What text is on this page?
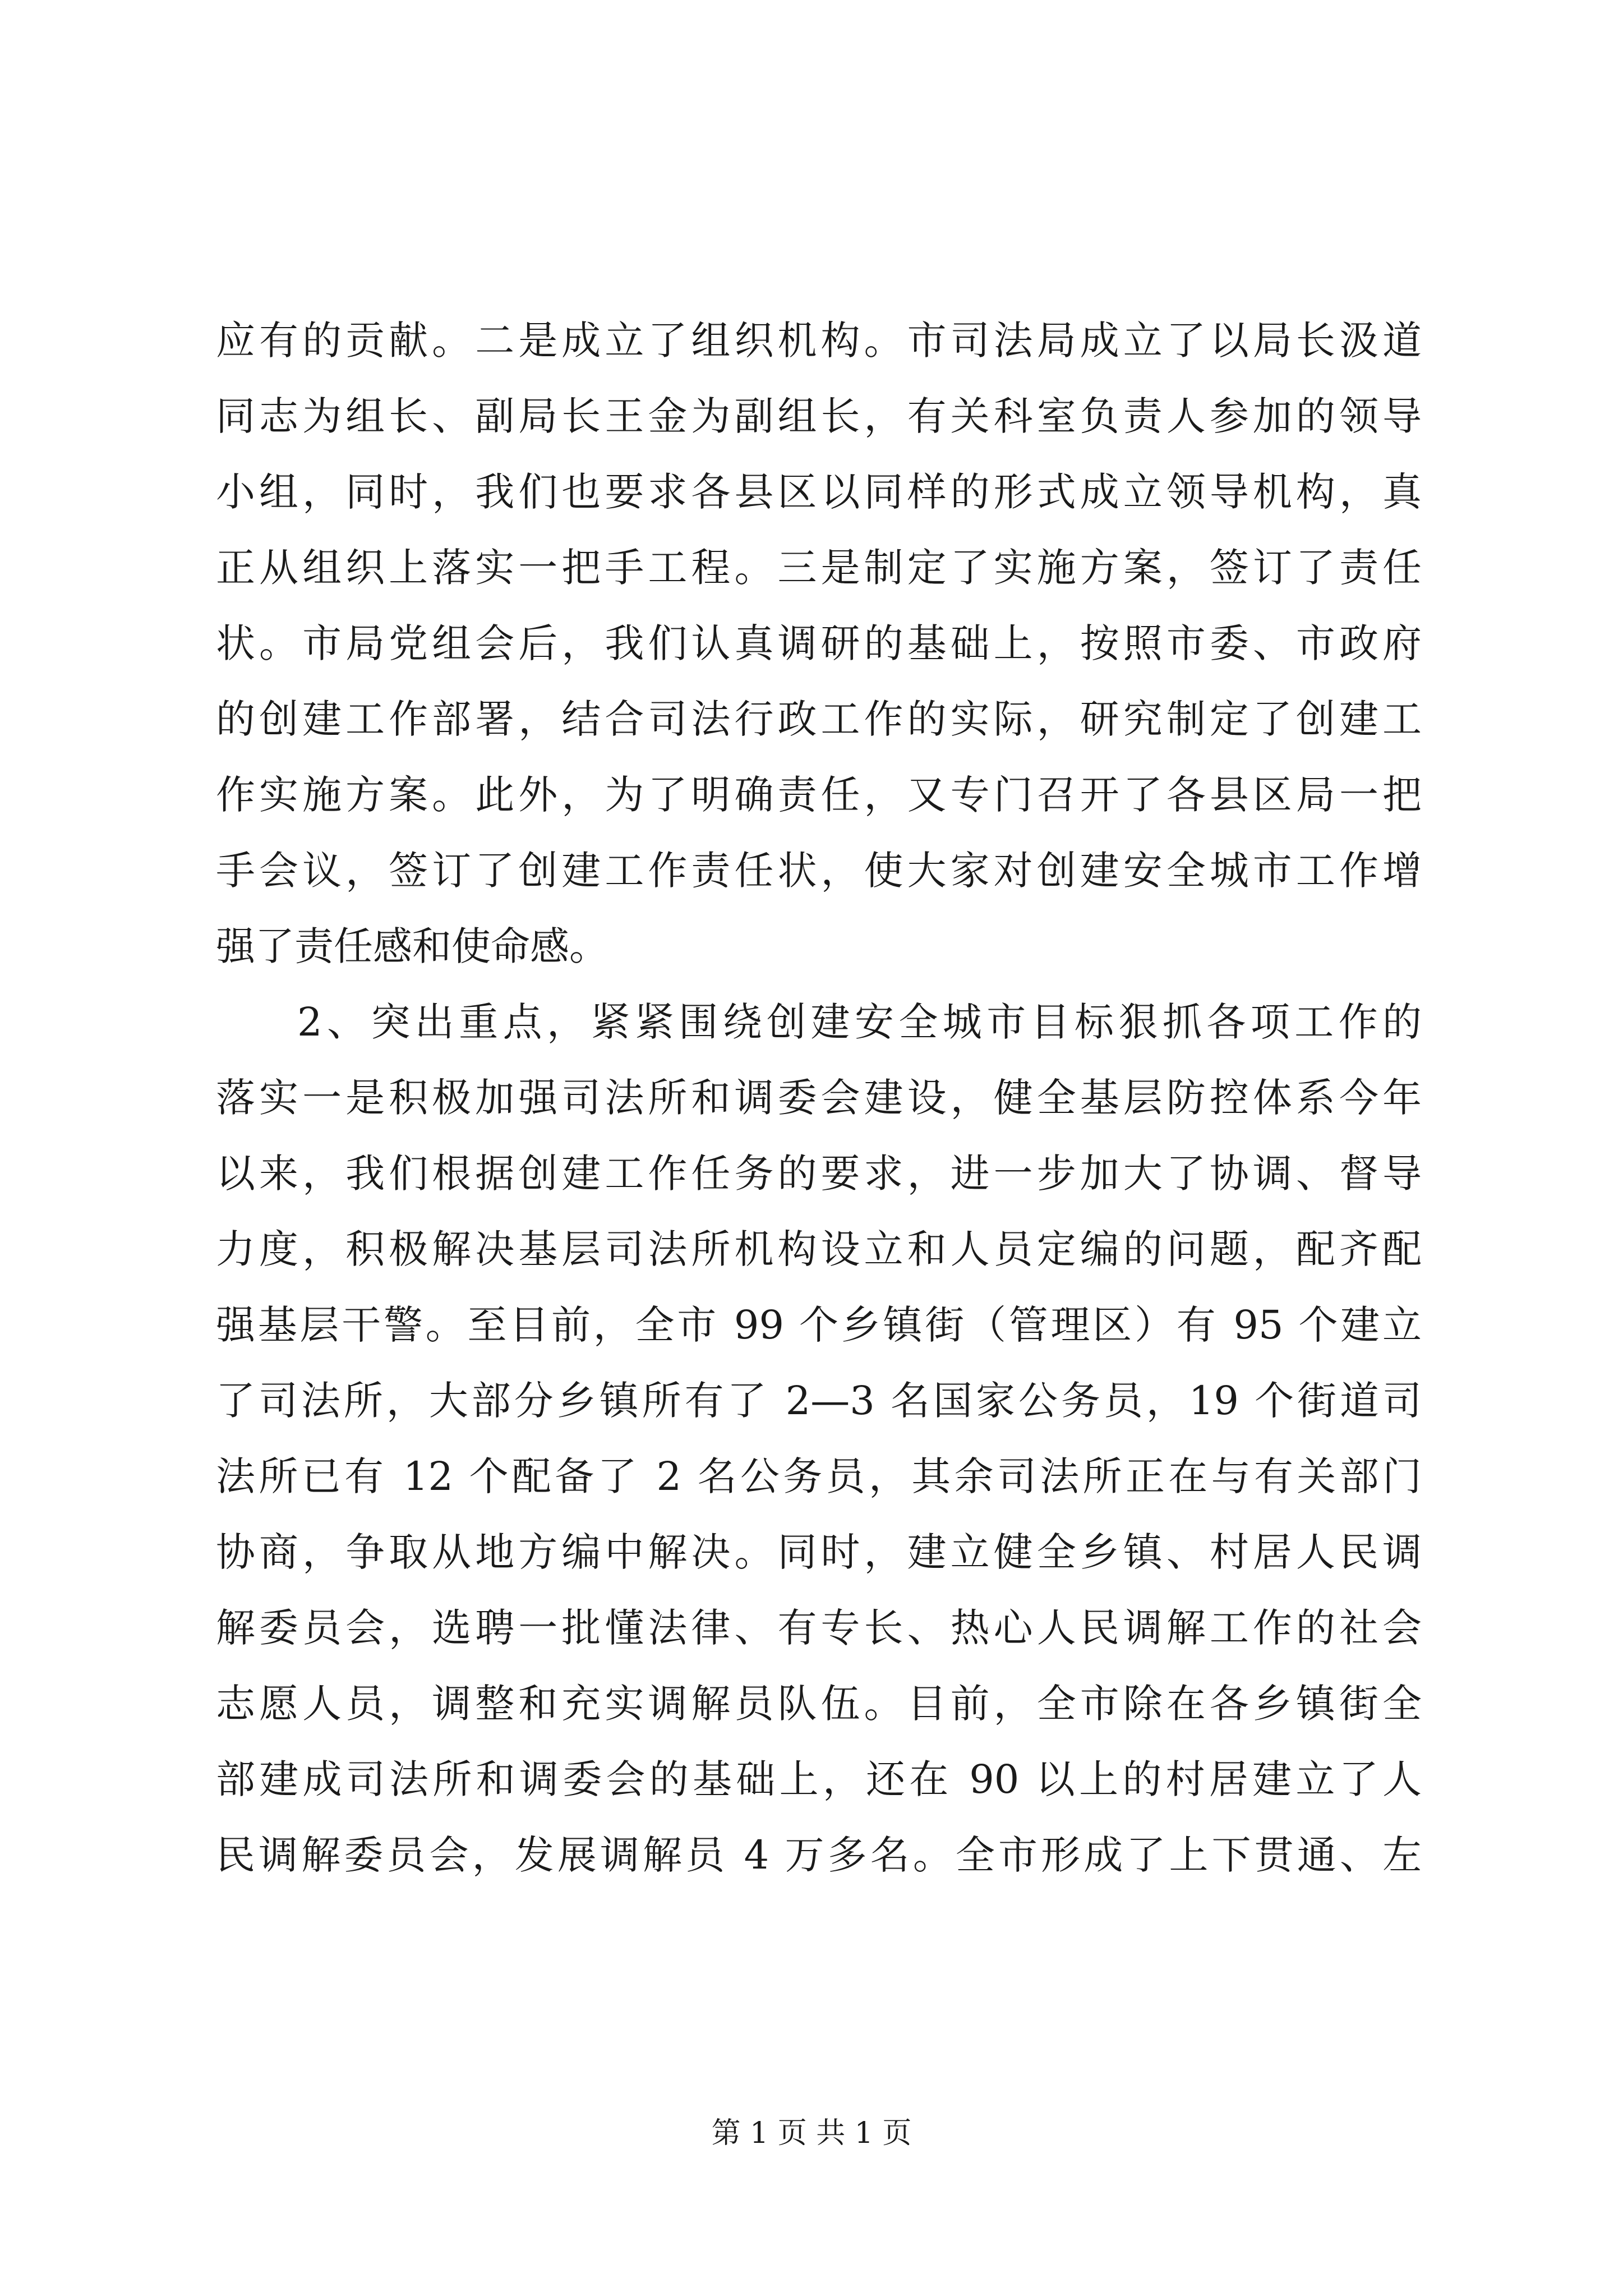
应有的贡献。二是成立了组织机构。市司法局成立了以局长汲道
同志为组长、副局长王金为副组长，有关科室负责人参加的领导
小组，同时，我们也要求各县区以同样的形式成立领导机构，真
正从组织上落实一把手工程。三是制定了实施方案，签订了责任
状。市局党组会后，我们认真调研的基础上，按照市委、市政府
的创建工作部署，结合司法行政工作的实际，研究制定了创建工
作实施方案。此外，为了明确责任，又专门召开了各县区局一把
手会议，签订了创建工作责任状，使大家对创建安全城市工作增
强了责任感和使命感。
2、突出重点，紧紧围绕创建安全城市目标狠抓各项工作的
落实一是积极加强司法所和调委会建设，健全基层防控体系今年
以来，我们根据创建工作任务的要求，进一步加大了协调、督导
力度，积极解决基层司法所机构设立和人员定编的问题，配齐配
强基层干警。至目前，全市 99 个乡镇街（管理区）有 95 个建立
了司法所，大部分乡镇所有了 2—3 名国家公务员，19 个街道司
法所已有 12 个配备了 2 名公务员，其余司法所正在与有关部门
协商，争取从地方编中解决。同时，建立健全乡镇、村居人民调
解委员会，选聘一批懂法律、有专长、热心人民调解工作的社会
志愿人员，调整和充实调解员队伍。目前，全市除在各乡镇街全
部建成司法所和调委会的基础上，还在 90 以上的村居建立了人
民调解委员会，发展调解员 4 万多名。全市形成了上下贯通、左
第 1 页 共 1 页
